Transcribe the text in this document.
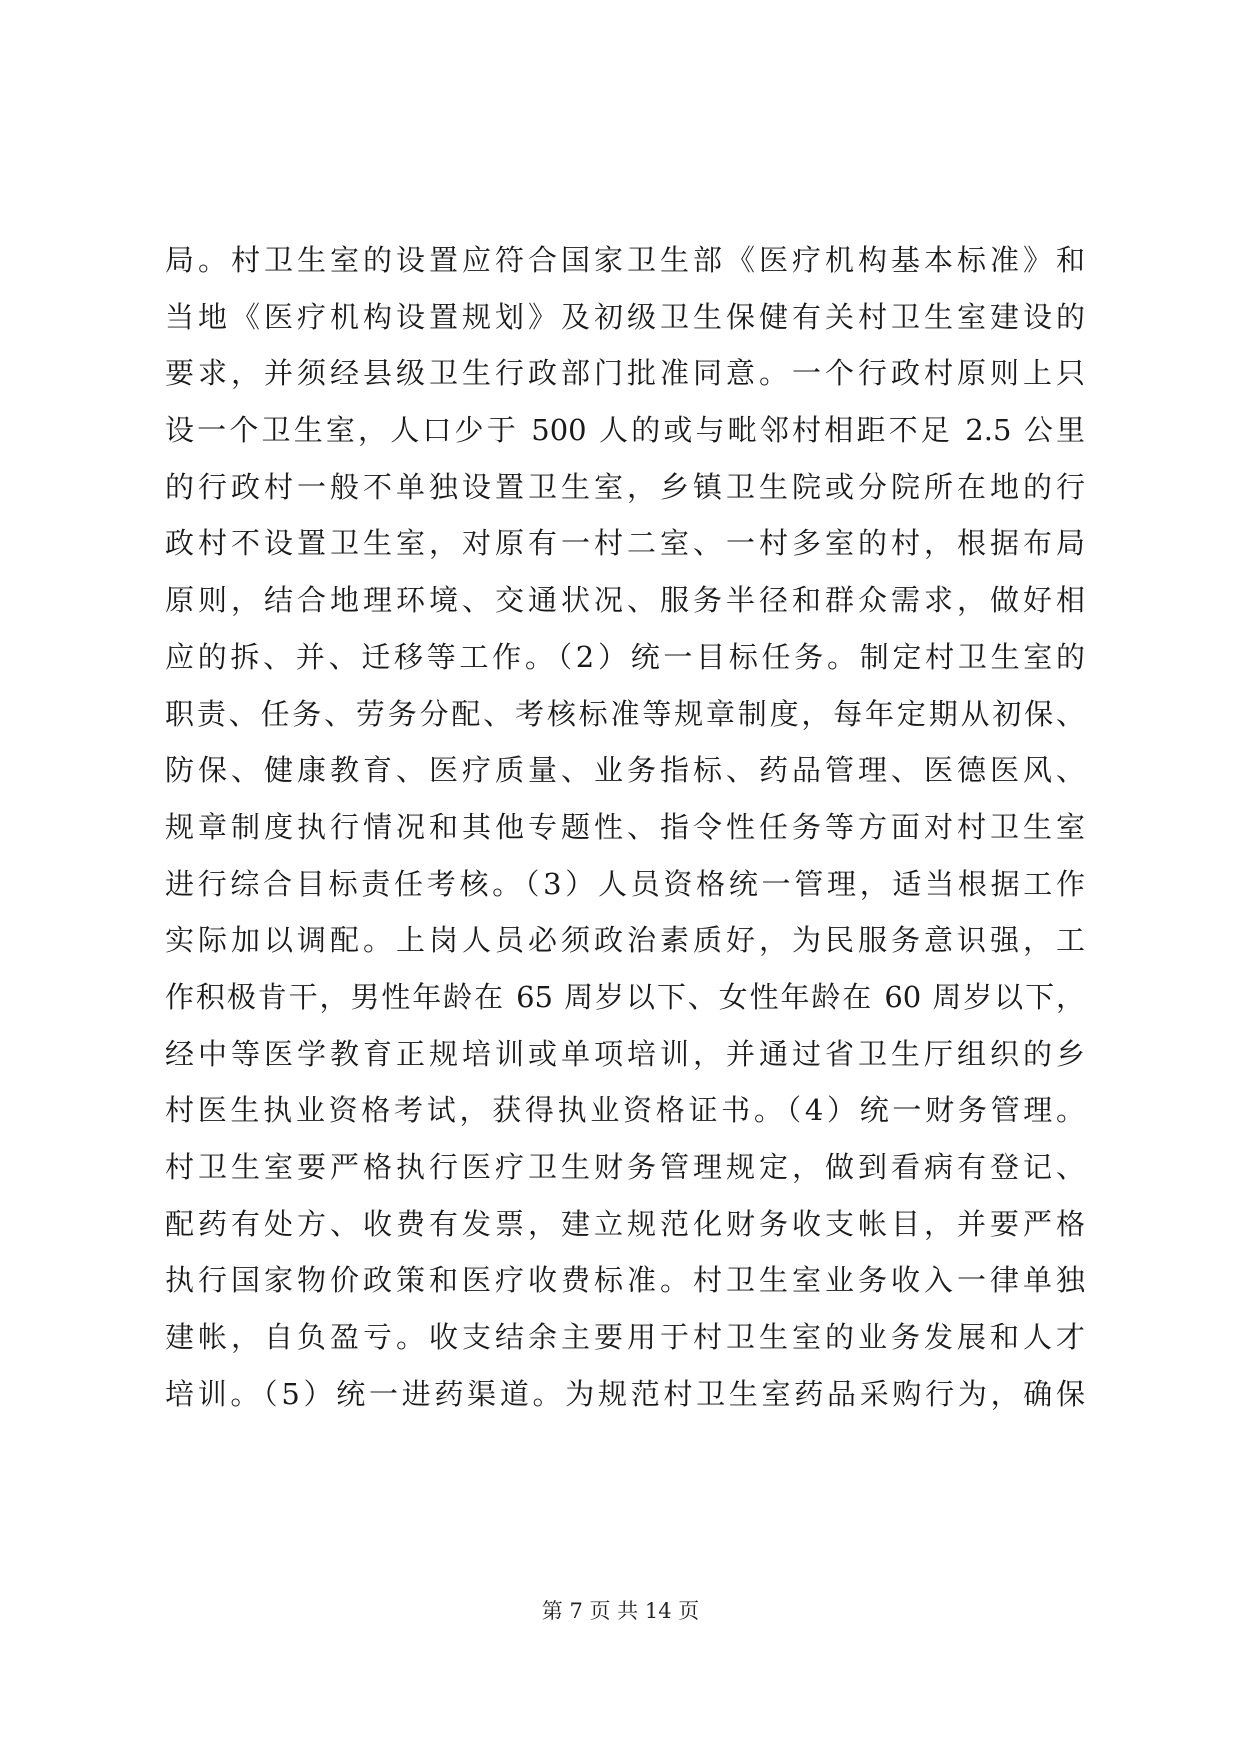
局。村卫生室的设置应符合国家卫生部《医疗机构基本标准》和
当地《医疗机构设置规划》及初级卫生保健有关村卫生室建设的
要求，并须经县级卫生行政部门批准同意。一个行政村原则上只
设一个卫生室，人口少于 500 人的或与毗邻村相距不足 2.5 公里
的行政村一般不单独设置卫生室，乡镇卫生院或分院所在地的行
政村不设置卫生室，对原有一村二室、一村多室的村，根据布局
原则，结合地理环境、交通状况、服务半径和群众需求，做好相
应的拆、并、迁移等工作。（2）统一目标任务。制定村卫生室的
职责、任务、劳务分配、考核标准等规章制度，每年定期从初保、
防保、健康教育、医疗质量、业务指标、药品管理、医德医风、
规章制度执行情况和其他专题性、指令性任务等方面对村卫生室
进行综合目标责任考核。（3）人员资格统一管理，适当根据工作
实际加以调配。上岗人员必须政治素质好，为民服务意识强，工
作积极肯干，男性年龄在 65 周岁以下、女性年龄在 60 周岁以下，
经中等医学教育正规培训或单项培训，并通过省卫生厅组织的乡
村医生执业资格考试，获得执业资格证书。（4）统一财务管理。
村卫生室要严格执行医疗卫生财务管理规定，做到看病有登记、
配药有处方、收费有发票，建立规范化财务收支帐目，并要严格
执行国家物价政策和医疗收费标准。村卫生室业务收入一律单独
建帐，自负盈亏。收支结余主要用于村卫生室的业务发展和人才
培训。（5）统一进药渠道。为规范村卫生室药品采购行为，确保
第 7 页 共 14 页
